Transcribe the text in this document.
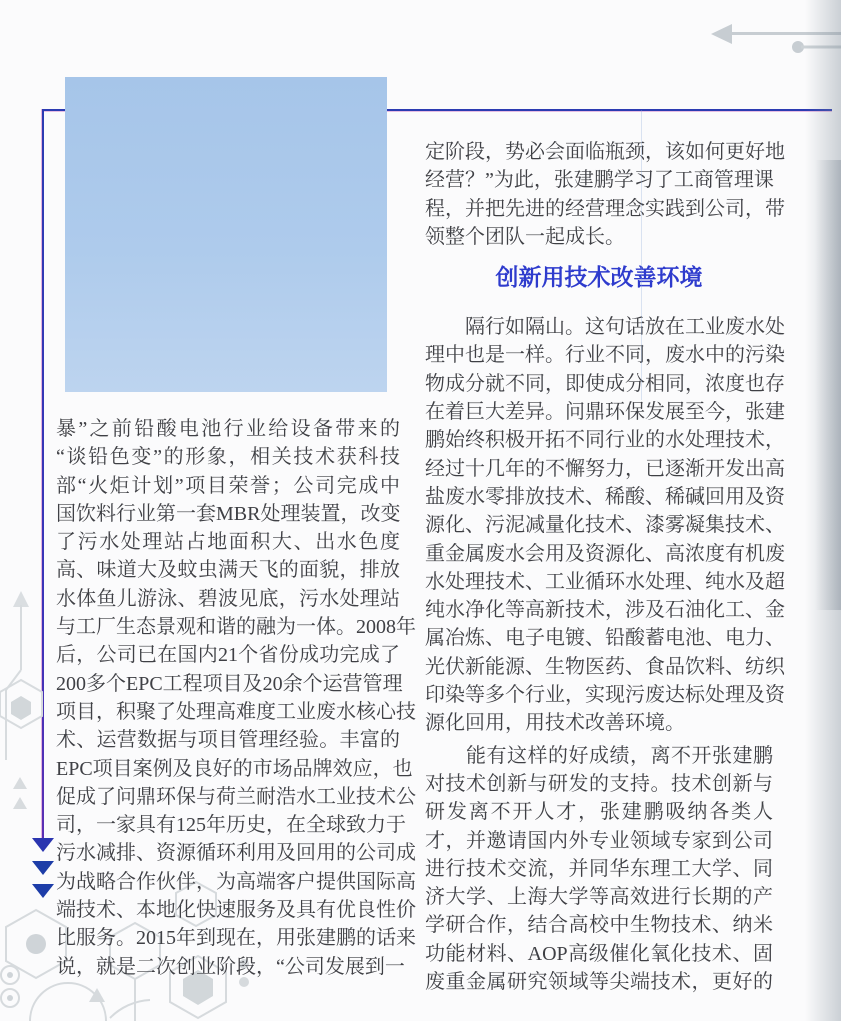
暴”之前铅酸电池行业给设备带来的
“谈铅色变”的形象，相关技术获科技
部“火炬计划”项目荣誉；公司完成中
国饮料行业第一套MBR处理装置，改变
了污水处理站占地面积大、出水色度
高、味道大及蚊虫满天飞的面貌，排放
水体鱼儿游泳、碧波见底，污水处理站
与工厂生态景观和谐的融为一体。2008年
后，公司已在国内21个省份成功完成了
200多个EPC工程项目及20余个运营管理
项目，积聚了处理高难度工业废水核心技
术、运营数据与项目管理经验。丰富的
EPC项目案例及良好的市场品牌效应，也
促成了问鼎环保与荷兰耐浩水工业技术公
司，一家具有125年历史，在全球致力于
污水减排、资源循环利用及回用的公司成
为战略合作伙伴，为高端客户提供国际高
端技术、本地化快速服务及具有优良性价
比服务。2015年到现在，用张建鹏的话来
说，就是二次创业阶段，“公司发展到一
定阶段，势必会面临瓶颈，该如何更好地
经营？”为此，张建鹏学习了工商管理课
程，并把先进的经营理念实践到公司，带
领整个团队一起成长。
创新用技术改善环境
　　隔行如隔山。这句话放在工业废水处
理中也是一样。行业不同，废水中的污染
物成分就不同，即使成分相同，浓度也存
在着巨大差异。问鼎环保发展至今，张建
鹏始终积极开拓不同行业的水处理技术，
经过十几年的不懈努力，已逐渐开发出高
盐废水零排放技术、稀酸、稀碱回用及资
源化、污泥减量化技术、漆雾凝集技术、
重金属废水会用及资源化、高浓度有机废
水处理技术、工业循环水处理、纯水及超
纯水净化等高新技术，涉及石油化工、金
属冶炼、电子电镀、铅酸蓄电池、电力、
光伏新能源、生物医药、食品饮料、纺织
印染等多个行业，实现污废达标处理及资
源化回用，用技术改善环境。
　　能有这样的好成绩，离不开张建鹏
对技术创新与研发的支持。技术创新与
研发离不开人才，张建鹏吸纳各类人
才，并邀请国内外专业领域专家到公司
进行技术交流，并同华东理工大学、同
济大学、上海大学等高效进行长期的产
学研合作，结合高校中生物技术、纳米
功能材料、AOP高级催化氧化技术、固
废重金属研究领域等尖端技术，更好的
